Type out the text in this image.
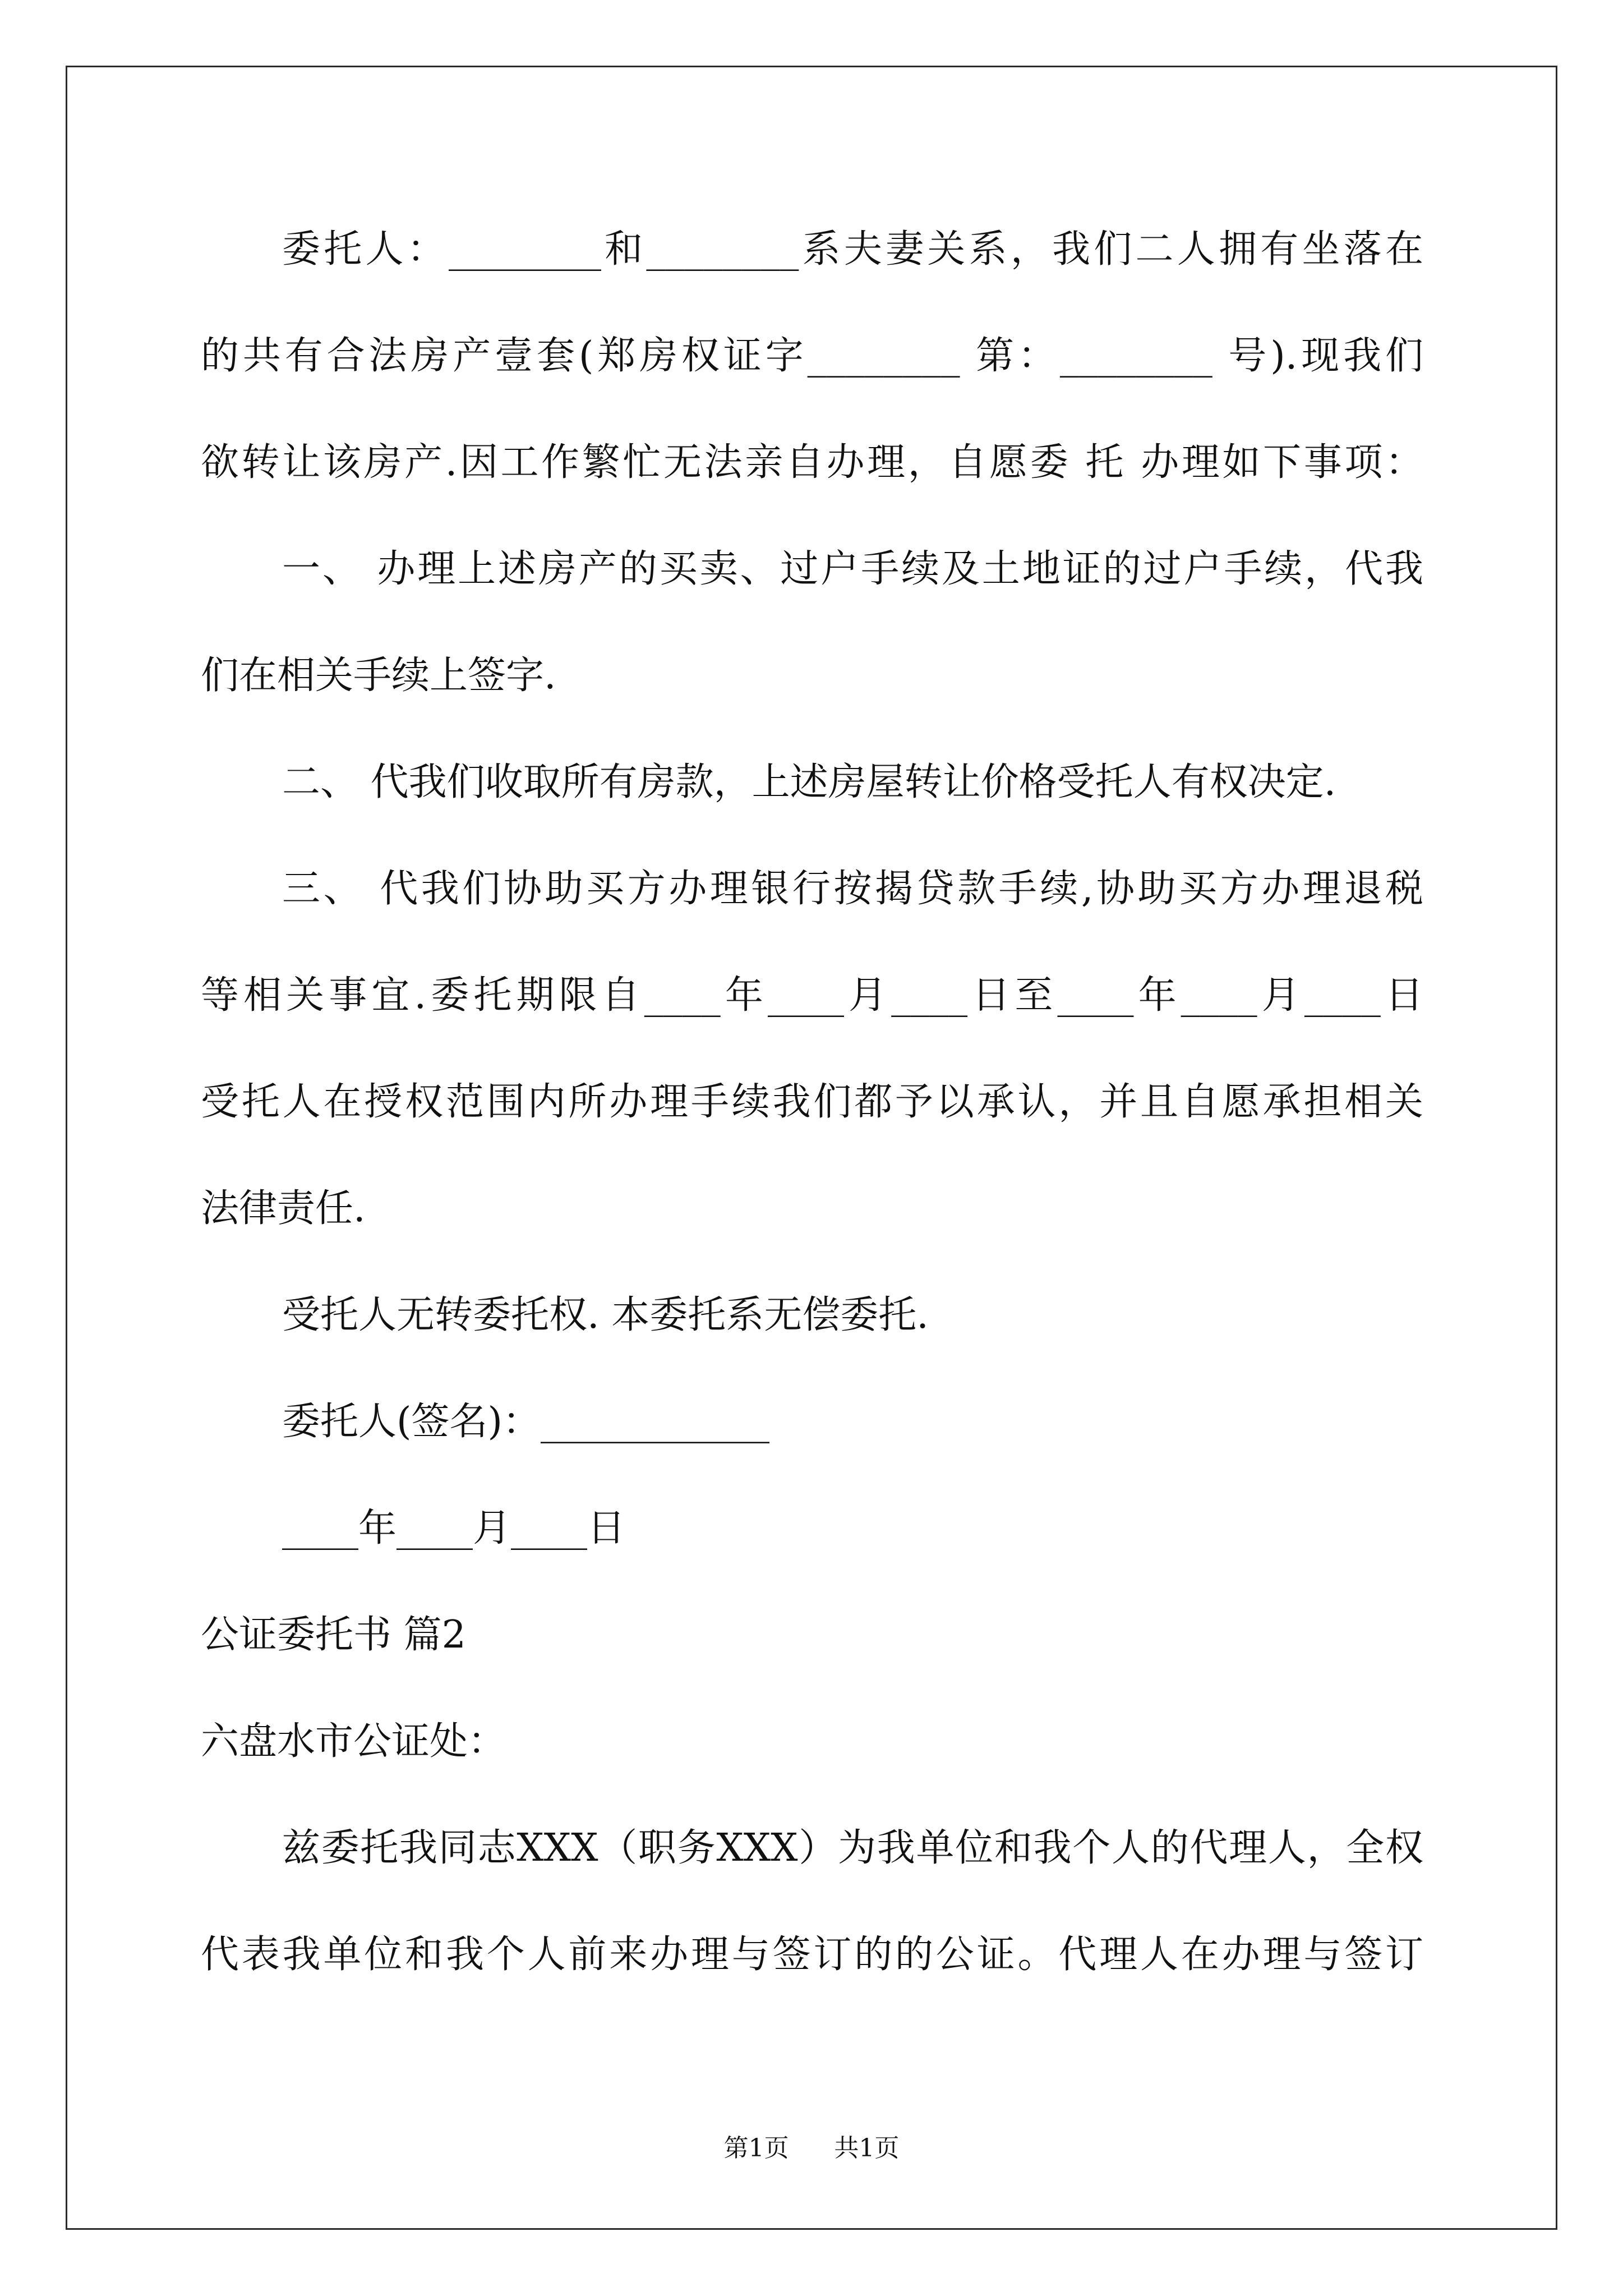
委托人：________和________系夫妻关系，我们二人拥有坐落在

的共有合法房产壹套(郑房权证字________ 第：________ 号).现我们

欲转让该房产.因工作繁忙无法亲自办理，自愿委 托 办理如下事项：

一、 办理上述房产的买卖、过户手续及土地证的过户手续，代我

们在相关手续上签字.

二、 代我们收取所有房款，上述房屋转让价格受托人有权决定.

三、 代我们协助买方办理银行按揭贷款手续,协助买方办理退税

等相关事宜.委托期限自____年____月____日至____年____月____日

受托人在授权范围内所办理手续我们都予以承认，并且自愿承担相关

法律责任.

受托人无转委托权. 本委托系无偿委托.

委托人(签名)：____________

____年____月____日

公证委托书 篇2

六盘水市公证处：

兹委托我同志XXX（职务XXX）为我单位和我个人的代理人，全权

代表我单位和我个人前来办理与签订的的公证。代理人在办理与签订

第1页  共1页
